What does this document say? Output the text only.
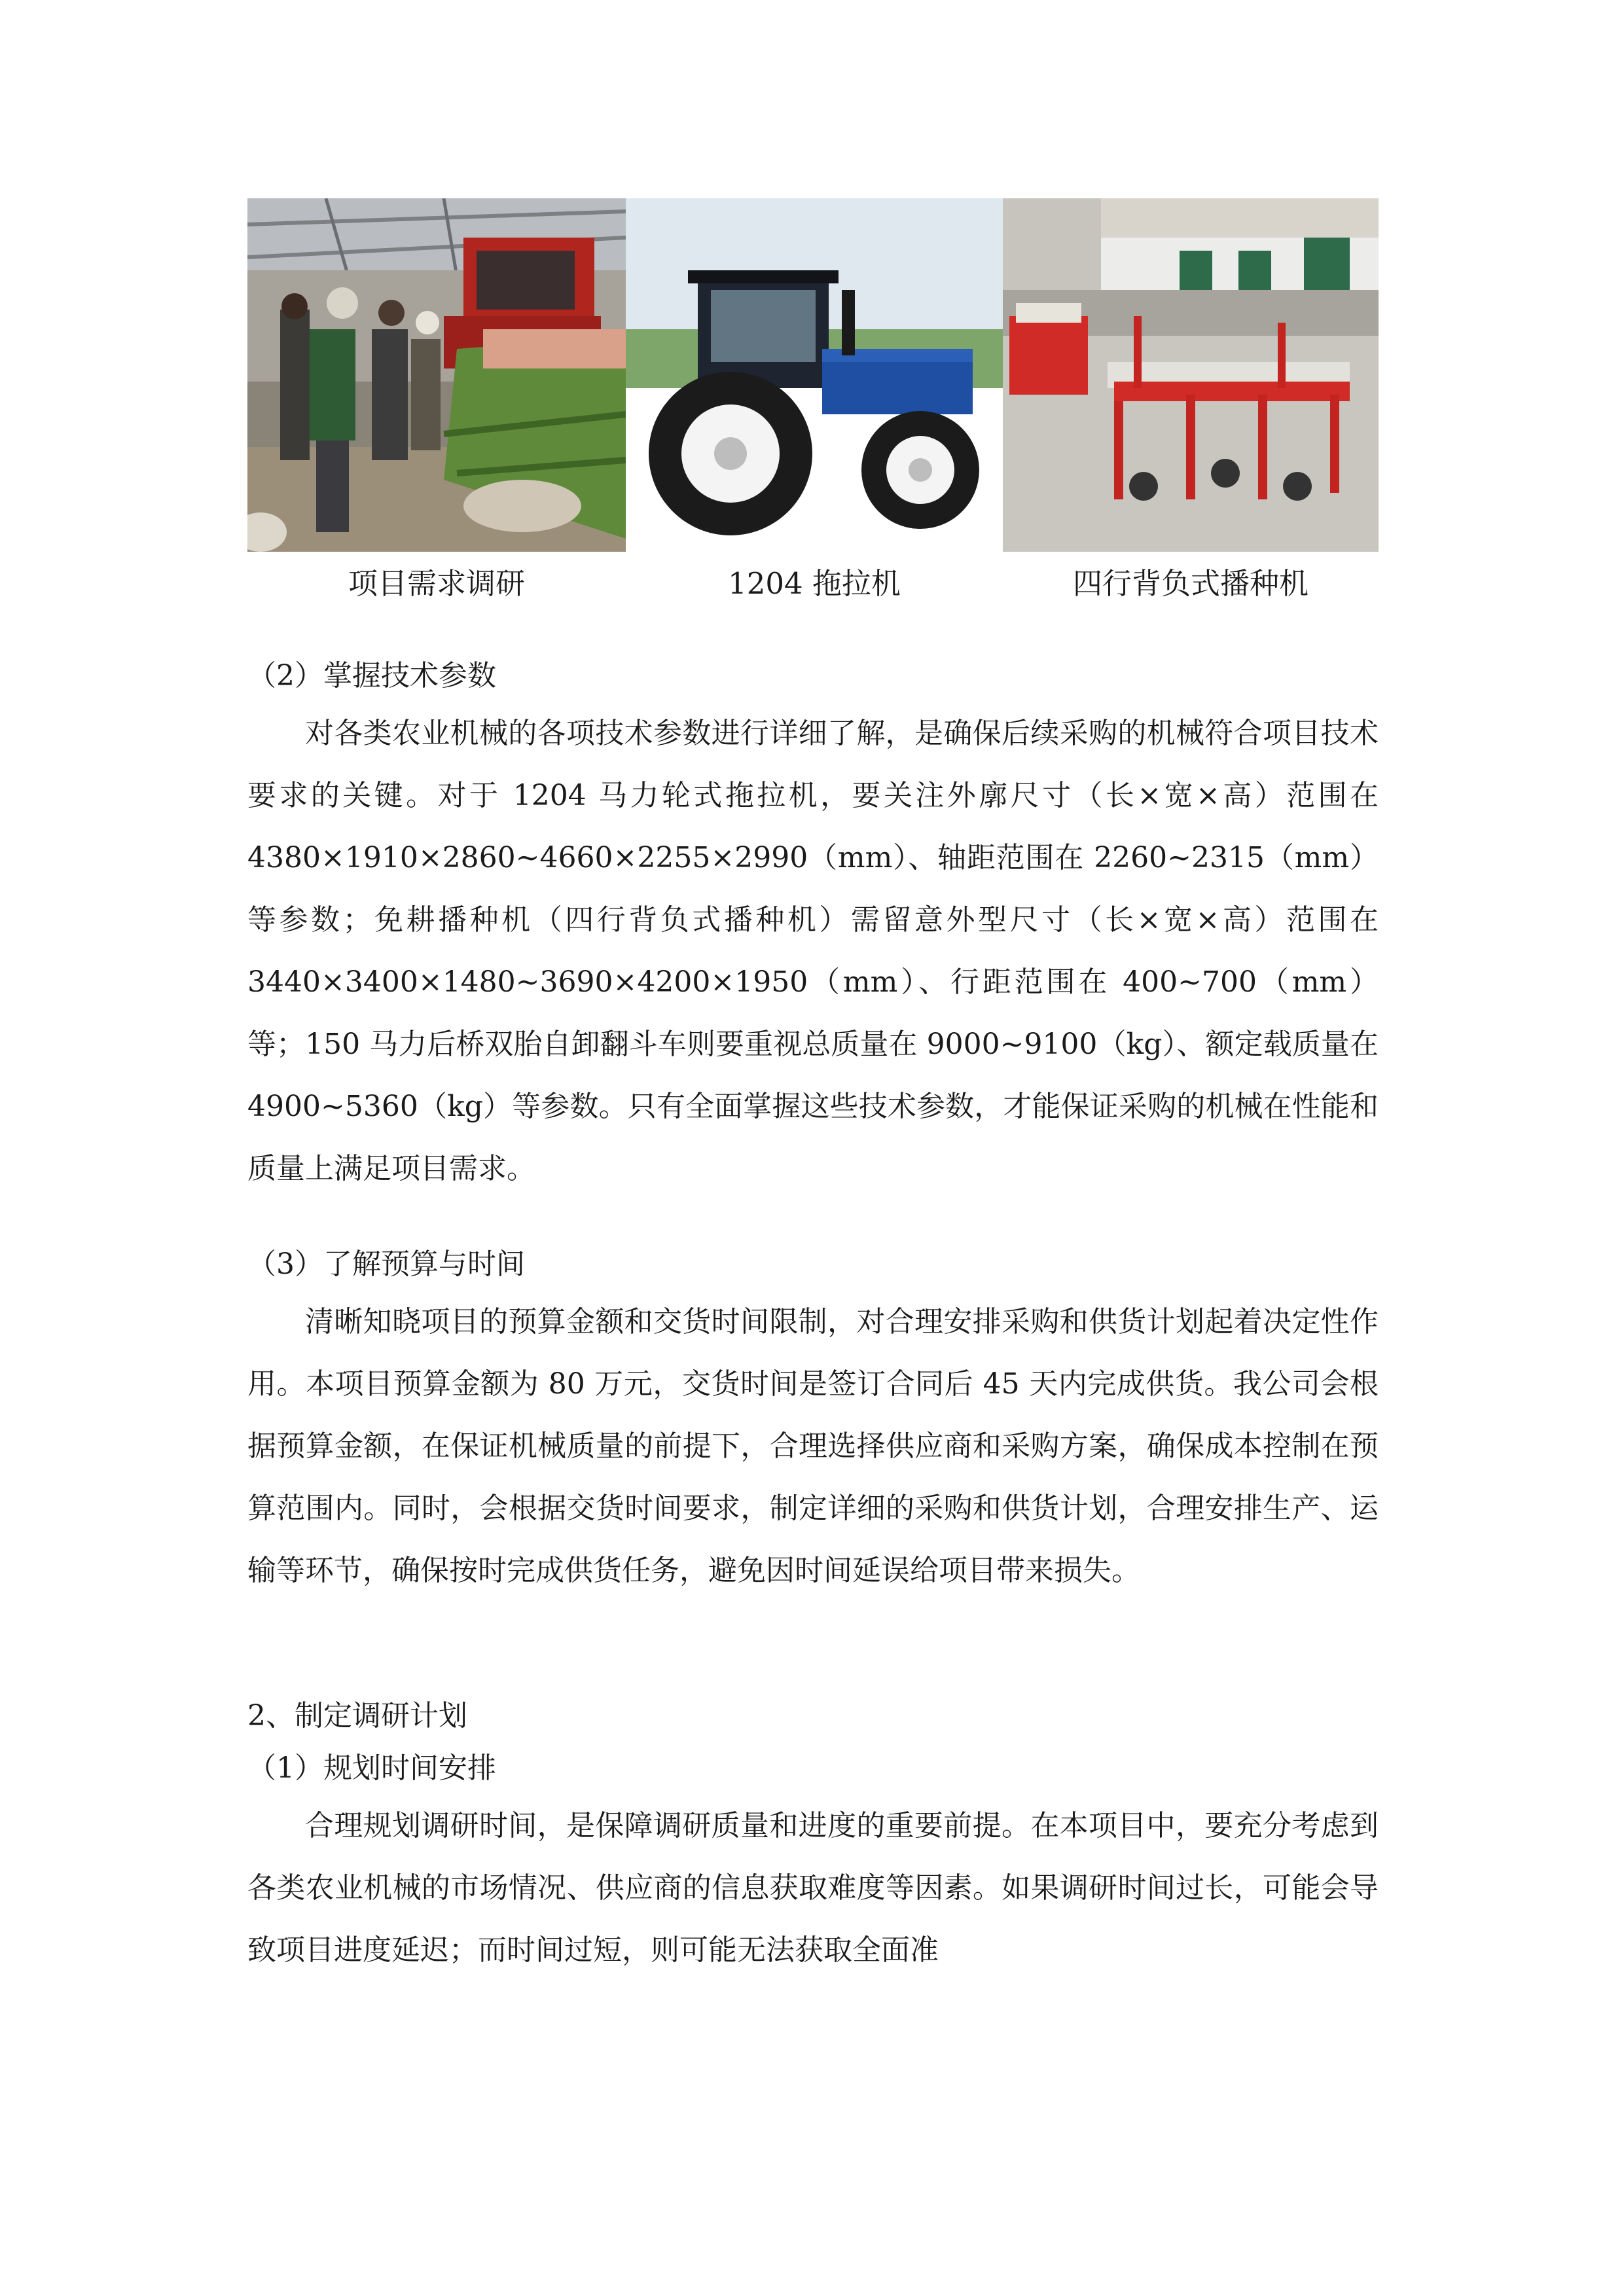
项目需求调研	1204 拖拉机	四行背负式播种机
（2）掌握技术参数

对各类农业机械的各项技术参数进行详细了解，是确保后续采购的机械符合项目技术要求的关键。对于 1204 马力轮式拖拉机，要关注外廓尺寸（长×宽×高）范围在 4380×1910×2860~4660×2255×2990（mm）、轴距范围在 2260~2315（mm）等参数；免耕播种机（四行背负式播种机）需留意外型尺寸（长×宽×高）范围在 3440×3400×1480~3690×4200×1950（mm）、行距范围在 400~700（mm）等；150 马力后桥双胎自卸翻斗车则要重视总质量在 9000~9100（kg）、额定载质量在 4900~5360（kg）等参数。只有全面掌握这些技术参数，才能保证采购的机械在性能和质量上满足项目需求。

（3）了解预算与时间

清晰知晓项目的预算金额和交货时间限制，对合理安排采购和供货计划起着决定性作用。本项目预算金额为 80 万元，交货时间是签订合同后 45 天内完成供货。我公司会根据预算金额，在保证机械质量的前提下，合理选择供应商和采购方案，确保成本控制在预算范围内。同时，会根据交货时间要求，制定详细的采购和供货计划，合理安排生产、运输等环节，确保按时完成供货任务，避免因时间延误给项目带来损失。

2、制定调研计划
（1）规划时间安排

合理规划调研时间，是保障调研质量和进度的重要前提。在本项目中，要充分考虑到各类农业机械的市场情况、供应商的信息获取难度等因素。如果调研时间过长，可能会导致项目进度延迟；而时间过短，则可能无法获取全面准
